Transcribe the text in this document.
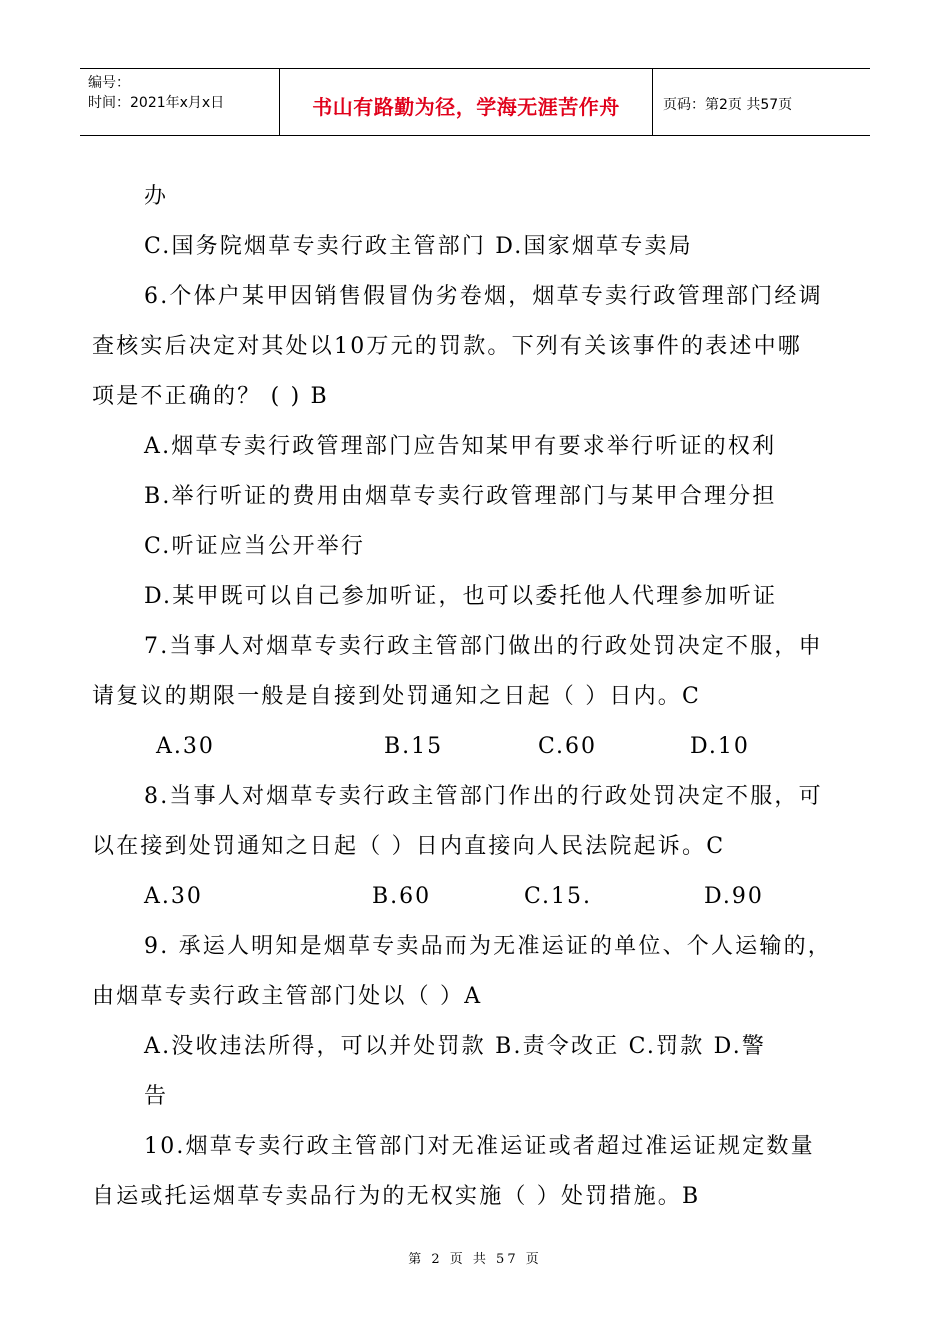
编号：
时间：2021年x月x日	书山有路勤为径，学海无涯苦作舟	页码：第2页 共57页
办
C.国务院烟草专卖行政主管部门 D.国家烟草专卖局
6.个体户某甲因销售假冒伪劣卷烟，烟草专卖行政管理部门经调
查核实后决定对其处以10万元的罚款。下列有关该事件的表述中哪
项是不正确的？ ( ) B
A.烟草专卖行政管理部门应告知某甲有要求举行听证的权利
B.举行听证的费用由烟草专卖行政管理部门与某甲合理分担
C.听证应当公开举行
D.某甲既可以自己参加听证，也可以委托他人代理参加听证
7.当事人对烟草专卖行政主管部门做出的行政处罚决定不服，申
请复议的期限一般是自接到处罚通知之日起（ ）日内。C
A.30	B.15	C.60	D.10
8.当事人对烟草专卖行政主管部门作出的行政处罚决定不服，可
以在接到处罚通知之日起（ ）日内直接向人民法院起诉。C
A.30	B.60	C.15.	D.90
9. 承运人明知是烟草专卖品而为无准运证的单位、个人运输的，
由烟草专卖行政主管部门处以（ ）A
A.没收违法所得，可以并处罚款 B.责令改正 C.罚款 D.警
告
10.烟草专卖行政主管部门对无准运证或者超过准运证规定数量
自运或托运烟草专卖品行为的无权实施（ ）处罚措施。B
第 2 页 共 57 页
